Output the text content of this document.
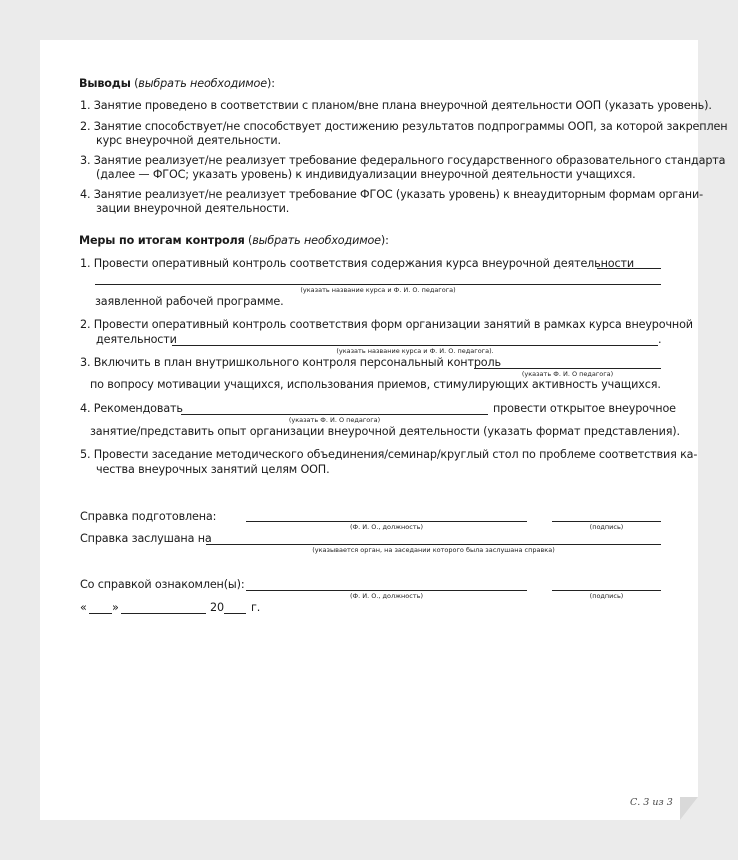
Выводы (выбрать необходимое):
1. Занятие проведено в соответствии с планом/вне плана внеурочной деятельности ООП (указать уровень).
2. Занятие способствует/не способствует достижению результатов подпрограммы ООП, за которой закреплен
курс внеурочной деятельности.
3. Занятие реализует/не реализует требование федерального государственного образовательного стандарта
(далее — ФГОС; указать уровень) к индивидуализации внеурочной деятельности учащихся.
4. Занятие реализует/не реализует требование ФГОС (указать уровень) к внеаудиторным формам органи-
зации внеурочной деятельности.
Меры по итогам контроля (выбрать необходимое):
1. Провести оперативный контроль соответствия содержания курса внеурочной деятельности
(указать название курса и Ф. И. О. педагога)
заявленной рабочей программе.
2. Провести оперативный контроль соответствия форм организации занятий в рамках курса внеурочной
деятельности	.
(указать название курса и Ф. И. О. педагога).
3. Включить в план внутришкольного контроля персональный контроль
(указать Ф. И. О педагога)
по вопросу мотивации учащихся, использования приемов, стимулирующих активность учащихся.
4. Рекомендовать	провести открытое внеурочное
(указать Ф. И. О педагога)
занятие/представить опыт организации внеурочной деятельности (указать формат представления).
5. Провести заседание методического объединения/семинар/круглый стол по проблеме соответствия ка-
чества внеурочных занятий целям ООП.
Справка подготовлена:
(Ф. И. О., должность)	(подпись)
Справка заслушана на
(указывается орган, на заседании которого была заслушана справка)
Со справкой ознакомлен(ы):
(Ф. И. О., должность)	(подпись)
« »	20 г.
С. 3 из 3
